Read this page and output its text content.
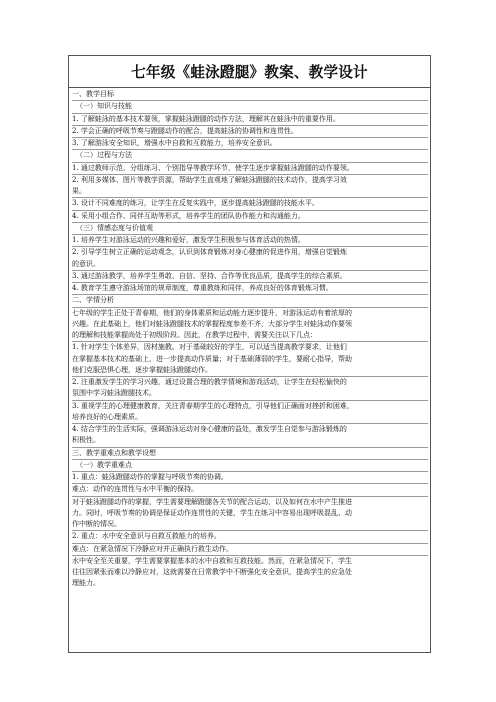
七年级《蛙泳蹬腿》教案、教学设计
一、教学目标
（一）知识与技能
1. 了解蛙泳的基本技术要领，掌握蛙泳蹬腿的动作方法，理解其在蛙泳中的重要作用。
2. 学会正确的呼吸节奏与蹬腿动作的配合，提高蛙泳的协调性和连贯性。
3. 了解游泳安全知识，增强水中自救和互救能力，培养安全意识。
（二）过程与方法
1. 通过教师示范、分组练习、个别指导等教学环节，使学生逐步掌握蛙泳蹬腿的动作要领。
2. 利用多媒体、图片等教学资源，帮助学生直观地了解蛙泳蹬腿的技术动作，提高学习效
果。
3. 设计不同难度的练习，让学生在反复实践中，逐步提高蛙泳蹬腿的技能水平。
4. 采用小组合作、同伴互助等形式，培养学生的团队协作能力和沟通能力。
（三）情感态度与价值观
1. 培养学生对游泳运动的兴趣和爱好，激发学生积极参与体育活动的热情。
2. 引导学生树立正确的运动观念，认识到体育锻炼对身心健康的促进作用，增强自觉锻炼
的意识。
3. 通过游泳教学，培养学生勇敢、自信、坚持、合作等优良品质，提高学生的综合素质。
4. 教育学生遵守游泳场馆的规章制度，尊重教练和同伴，养成良好的体育锻炼习惯。
二、学情分析
七年级的学生正处于青春期，他们的身体素质和运动能力逐步提升，对游泳运动有着浓厚的
兴趣。在此基础上，他们对蛙泳蹬腿技术的掌握程度参差不齐，大部分学生对蛙泳动作要领
的理解和技能掌握尚处于初级阶段。因此，在教学过程中，需要关注以下几点：
1. 针对学生个体差异，因材施教。对于基础较好的学生，可以适当提高教学要求，让他们
在掌握基本技术的基础上，进一步提高动作质量；对于基础薄弱的学生，要耐心指导，帮助
他们克服恐惧心理，逐步掌握蛙泳蹬腿动作。
2. 注重激发学生的学习兴趣，通过设置合理的教学情境和游戏活动，让学生在轻松愉快的
氛围中学习蛙泳蹬腿技术。
3. 重视学生的心理健康教育，关注青春期学生的心理特点，引导他们正确面对挫折和困难，
培养良好的心理素质。
4. 结合学生的生活实际，强调游泳运动对身心健康的益处，激发学生自觉参与游泳锻炼的
积极性。
三、教学重难点和教学设想
（一）教学重难点
1. 重点：蛙泳蹬腿动作的掌握与呼吸节奏的协调。
难点：动作的连贯性与水中平衡的保持。
对于蛙泳蹬腿动作的掌握，学生需要理解蹬腿各关节的配合运动，以及如何在水中产生推进
力。同时，呼吸节奏的协调是保证动作连贯性的关键，学生在练习中容易出现呼吸混乱、动
作中断的情况。
2. 重点：水中安全意识与自救互救能力的培养。
难点：在紧急情况下冷静应对并正确执行救生动作。
水中安全至关重要，学生需要掌握基本的水中自救和互救技能。然而，在紧急情况下，学生
往往因紧张而难以冷静应对，这就需要在日常教学中不断强化安全意识，提高学生的应急处
理能力。
